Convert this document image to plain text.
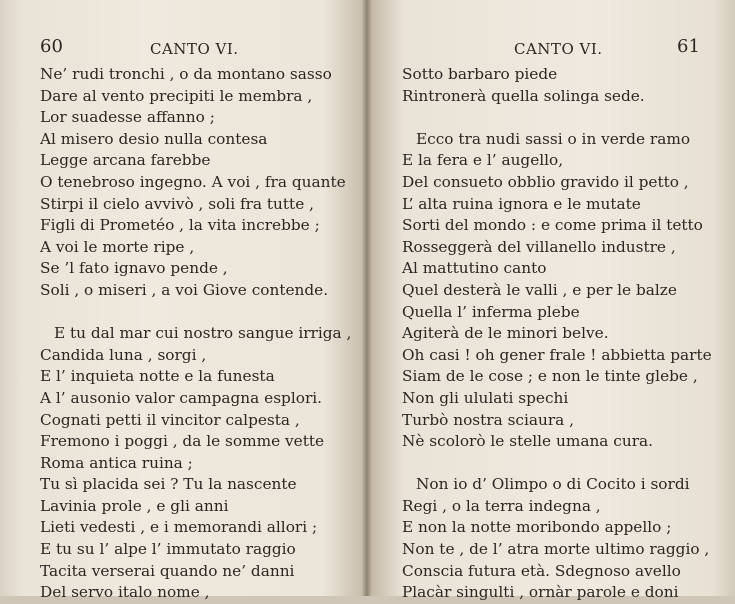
60	CANTO VI.
Ne’ rudi tronchi , o da montano sasso
Dare al vento precipiti le membra ,
Lor suadesse affanno ;
Al misero desio nulla contesa
Legge arcana farebbe
O tenebroso ingegno. A voi , fra quante
Stirpi il cielo avvivò , soli fra tutte ,
Figli di Prometéo , la vita increbbe ;
A voi le morte ripe ,
Se ’l fato ignavo pende ,
Soli , o miseri , a voi Giove contende.
E tu dal mar cui nostro sangue irriga ,
Candida luna , sorgi ,
E l’ inquieta notte e la funesta
A l’ ausonio valor campagna esplori.
Cognati petti il vincitor calpesta ,
Fremono i poggi , da le somme vette
Roma antica ruina ;
Tu sì placida sei ? Tu la nascente
Lavinia prole , e gli anni
Lieti vedesti , e i memorandi allori ;
E tu su l’ alpe l’ immutato raggio
Tacita verserai quando ne’ danni
Del servo italo nome ,
CANTO VI.	61
Sotto barbaro piede
Rintronerà quella solinga sede.
Ecco tra nudi sassi o in verde ramo
E la fera e l’ augello,
Del consueto obblio gravido il petto ,
L’ alta ruina ignora e le mutate
Sorti del mondo : e come prima il tetto
Rosseggerà del villanello industre ,
Al mattutino canto
Quel desterà le valli , e per le balze
Quella l’ inferma plebe
Agiterà de le minori belve.
Oh casi ! oh gener frale ! abbietta parte
Siam de le cose ; e non le tinte glebe ,
Non gli ululati spechi
Turbò nostra sciaura ,
Nè scolorò le stelle umana cura.
Non io d’ Olimpo o di Cocito i sordi
Regi , o la terra indegna ,
E non la notte moribondo appello ;
Non te , de l’ atra morte ultimo raggio ,
Conscia futura età. Sdegnoso avello
Placàr singulti , ornàr parole e doni
